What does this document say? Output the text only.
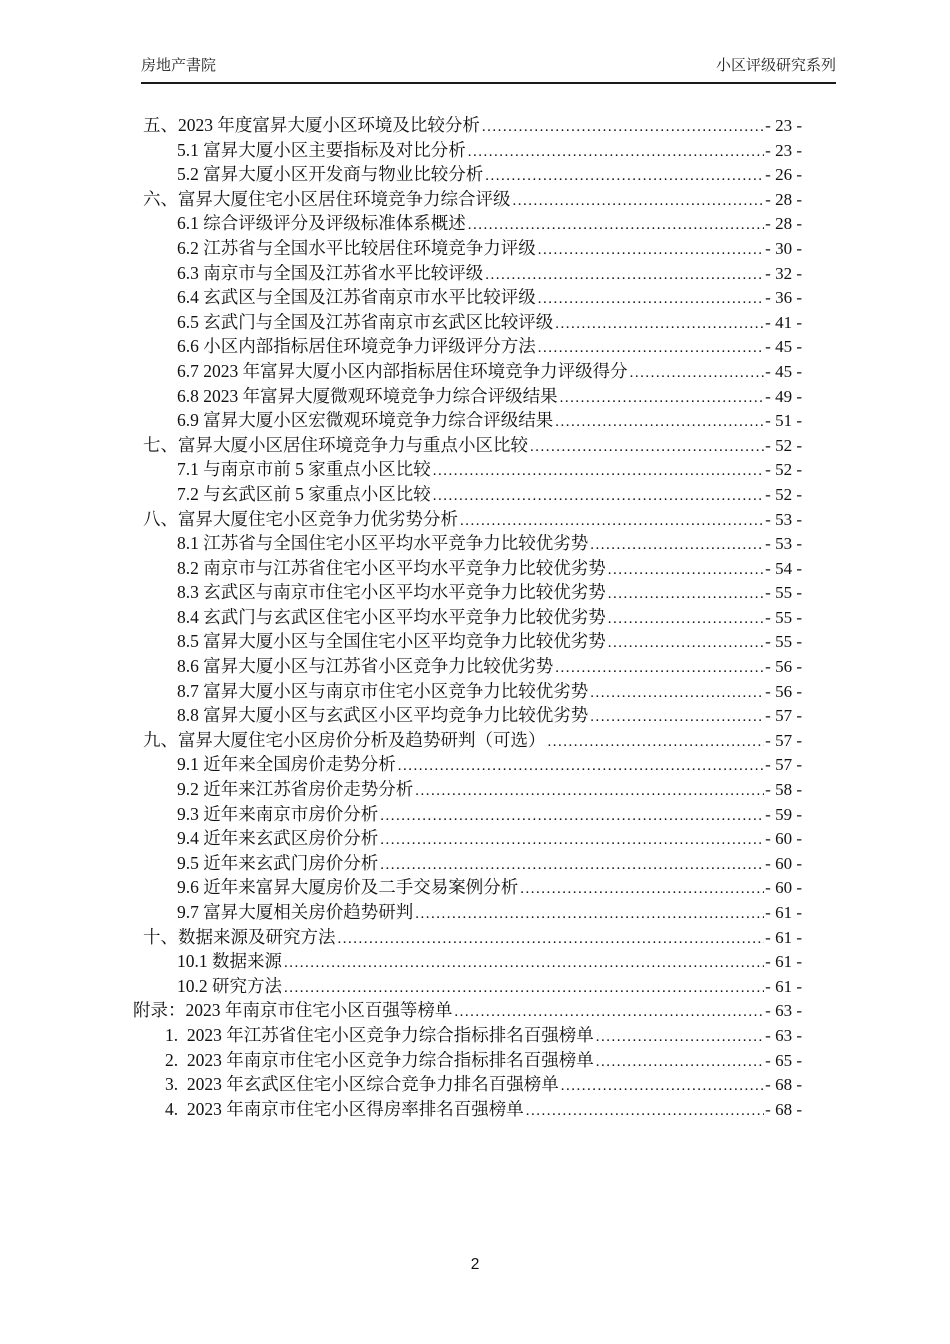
房地产書院	小区评级研究系列
五、2023 年度富昇大厦小区环境及比较分析 .....	- 23 -
5.1 富昇大厦小区主要指标及对比分析 .....	- 23 -
5.2 富昇大厦小区开发商与物业比较分析 .....	- 26 -
六、富昇大厦住宅小区居住环境竞争力综合评级 .....	- 28 -
6.1 综合评级评分及评级标准体系概述 .....	- 28 -
6.2 江苏省与全国水平比较居住环境竞争力评级 .....	- 30 -
6.3 南京市与全国及江苏省水平比较评级 .....	- 32 -
6.4 玄武区与全国及江苏省南京市水平比较评级 .....	- 36 -
6.5 玄武门与全国及江苏省南京市玄武区比较评级 .....	- 41 -
6.6 小区内部指标居住环境竞争力评级评分方法 .....	- 45 -
6.7 2023 年富昇大厦小区内部指标居住环境竞争力评级得分 .....	- 45 -
6.8 2023 年富昇大厦微观环境竞争力综合评级结果 .....	- 49 -
6.9 富昇大厦小区宏微观环境竞争力综合评级结果 .....	- 51 -
七、富昇大厦小区居住环境竞争力与重点小区比较 .....	- 52 -
7.1 与南京市前 5 家重点小区比较 .....	- 52 -
7.2 与玄武区前 5 家重点小区比较 .....	- 52 -
八、富昇大厦住宅小区竞争力优劣势分析 .....	- 53 -
8.1 江苏省与全国住宅小区平均水平竞争力比较优劣势 .....	- 53 -
8.2 南京市与江苏省住宅小区平均水平竞争力比较优劣势 .....	- 54 -
8.3 玄武区与南京市住宅小区平均水平竞争力比较优劣势 .....	- 55 -
8.4 玄武门与玄武区住宅小区平均水平竞争力比较优劣势 .....	- 55 -
8.5 富昇大厦小区与全国住宅小区平均竞争力比较优劣势 .....	- 55 -
8.6 富昇大厦小区与江苏省小区竞争力比较优劣势 .....	- 56 -
8.7 富昇大厦小区与南京市住宅小区竞争力比较优劣势 .....	- 56 -
8.8 富昇大厦小区与玄武区小区平均竞争力比较优劣势 .....	- 57 -
九、富昇大厦住宅小区房价分析及趋势研判（可选） .....	- 57 -
9.1 近年来全国房价走势分析 .....	- 57 -
9.2 近年来江苏省房价走势分析 .....	- 58 -
9.3 近年来南京市房价分析 .....	- 59 -
9.4 近年来玄武区房价分析 .....	- 60 -
9.5 近年来玄武门房价分析 .....	- 60 -
9.6 近年来富昇大厦房价及二手交易案例分析 .....	- 60 -
9.7 富昇大厦相关房价趋势研判 .....	- 61 -
十、数据来源及研究方法 .....	- 61 -
10.1 数据来源 .....	- 61 -
10.2 研究方法 .....	- 61 -
附录：2023 年南京市住宅小区百强等榜单 .....	- 63 -
1.  2023 年江苏省住宅小区竞争力综合指标排名百强榜单 .....	- 63 -
2.  2023 年南京市住宅小区竞争力综合指标排名百强榜单 .....	- 65 -
3.  2023 年玄武区住宅小区综合竞争力排名百强榜单 .....	- 68 -
4.  2023 年南京市住宅小区得房率排名百强榜单 .....	- 68 -
2
